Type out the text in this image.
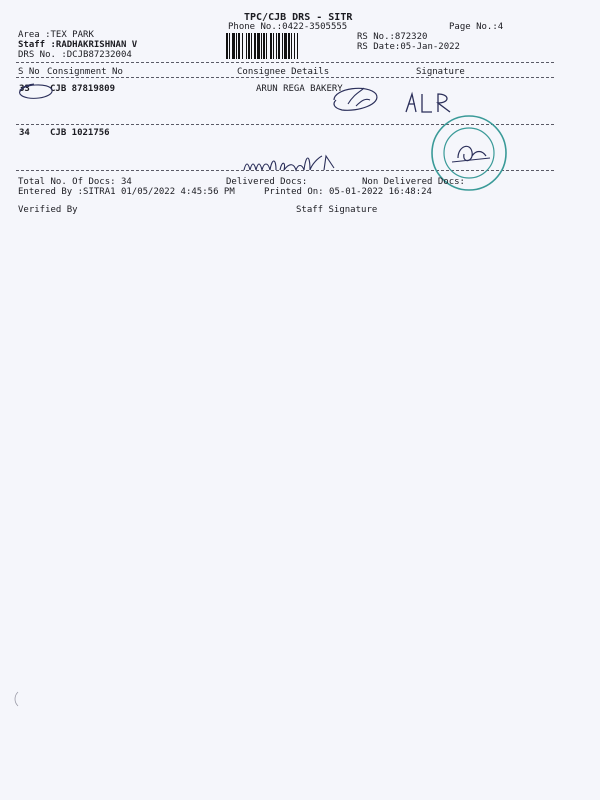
TPC/CJB DRS - SITR
Phone No.:0422-3505555	Page No.:4
Area :TEX PARK
Staff :RADHAKRISHNAN V
DRS No. :DCJB87232004
RS No.:872320
RS Date:05-Jan-2022
S No Consignment No	Consignee Details	Signature
33 CJB 87819809	ARUN REGA BAKERY
34 CJB 1021756
Total No. Of Docs: 34	Delivered Docs:	Non Delivered Docs:
Entered By :SITRA1 01/05/2022 4:45:56 PM	Printed On: 05-01-2022 16:48:24
Verified By	Staff Signature
